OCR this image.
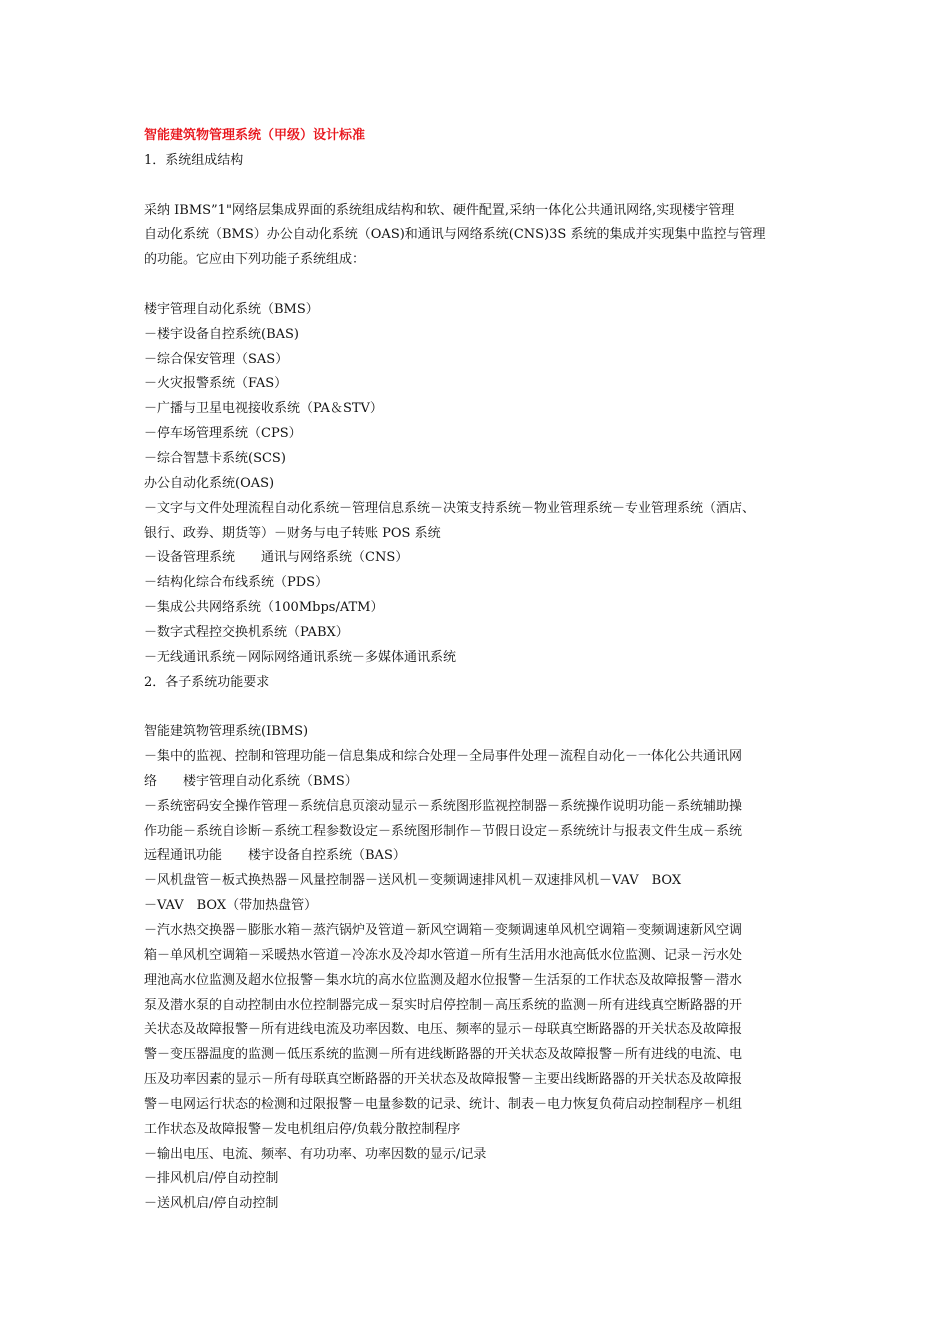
智能建筑物管理系统（甲级）设计标准
1．系统组成结构
采纳 IBMS”1"网络层集成界面的系统组成结构和软、硬件配置,采纳一体化公共通讯网络,实现楼宇管理
自动化系统（BMS）办公自动化系统（OAS)和通讯与网络系统(CNS)3S 系统的集成并实现集中监控与管理
的功能。它应由下列功能子系统组成：
楼宇管理自动化系统（BMS）
－楼宇设备自控系统(BAS)
－综合保安管理（SAS）
－火灾报警系统（FAS）
－广播与卫星电视接收系统（PA＆STV）
－停车场管理系统（CPS）
－综合智慧卡系统(SCS)
办公自动化系统(OAS)
－文字与文件处理流程自动化系统－管理信息系统－决策支持系统－物业管理系统－专业管理系统（酒店、
银行、政券、期货等）－财务与电子转账 POS 系统
－设备管理系统　　通讯与网络系统（CNS）
－结构化综合布线系统（PDS）
－集成公共网络系统（100Mbps/ATM）
－数字式程控交换机系统（PABX）
－无线通讯系统－网际网络通讯系统－多媒体通讯系统
2．各子系统功能要求
智能建筑物管理系统(IBMS)
－集中的监视、控制和管理功能－信息集成和综合处理－全局事件处理－流程自动化－一体化公共通讯网
络　　楼宇管理自动化系统（BMS）
－系统密码安全操作管理－系统信息页滚动显示－系统图形监视控制器－系统操作说明功能－系统辅助操
作功能－系统自诊断－系统工程参数设定－系统图形制作－节假日设定－系统统计与报表文件生成－系统
远程通讯功能　　楼宇设备自控系统（BAS）
－风机盘管－板式换热器－风量控制器－送风机－变频调速排风机－双速排风机－VAV　BOX
－VAV　BOX（带加热盘管）
－汽水热交换器－膨胀水箱－蒸汽锅炉及管道－新风空调箱－变频调速单风机空调箱－变频调速新风空调
箱－单风机空调箱－采暖热水管道－冷冻水及冷却水管道－所有生活用水池高低水位监测、记录－污水处
理池高水位监测及超水位报警－集水坑的高水位监测及超水位报警－生活泵的工作状态及故障报警－潜水
泵及潜水泵的自动控制由水位控制器完成－泵实时启停控制－高压系统的监测－所有进线真空断路器的开
关状态及故障报警－所有进线电流及功率因数、电压、频率的显示－母联真空断路器的开关状态及故障报
警－变压器温度的监测－低压系统的监测－所有进线断路器的开关状态及故障报警－所有进线的电流、电
压及功率因素的显示－所有母联真空断路器的开关状态及故障报警－主要出线断路器的开关状态及故障报
警－电网运行状态的检测和过限报警－电量参数的记录、统计、制表－电力恢复负荷启动控制程序－机组
工作状态及故障报警－发电机组启停/负载分散控制程序
－输出电压、电流、频率、有功功率、功率因数的显示/记录
－排风机启/停自动控制
－送风机启/停自动控制
